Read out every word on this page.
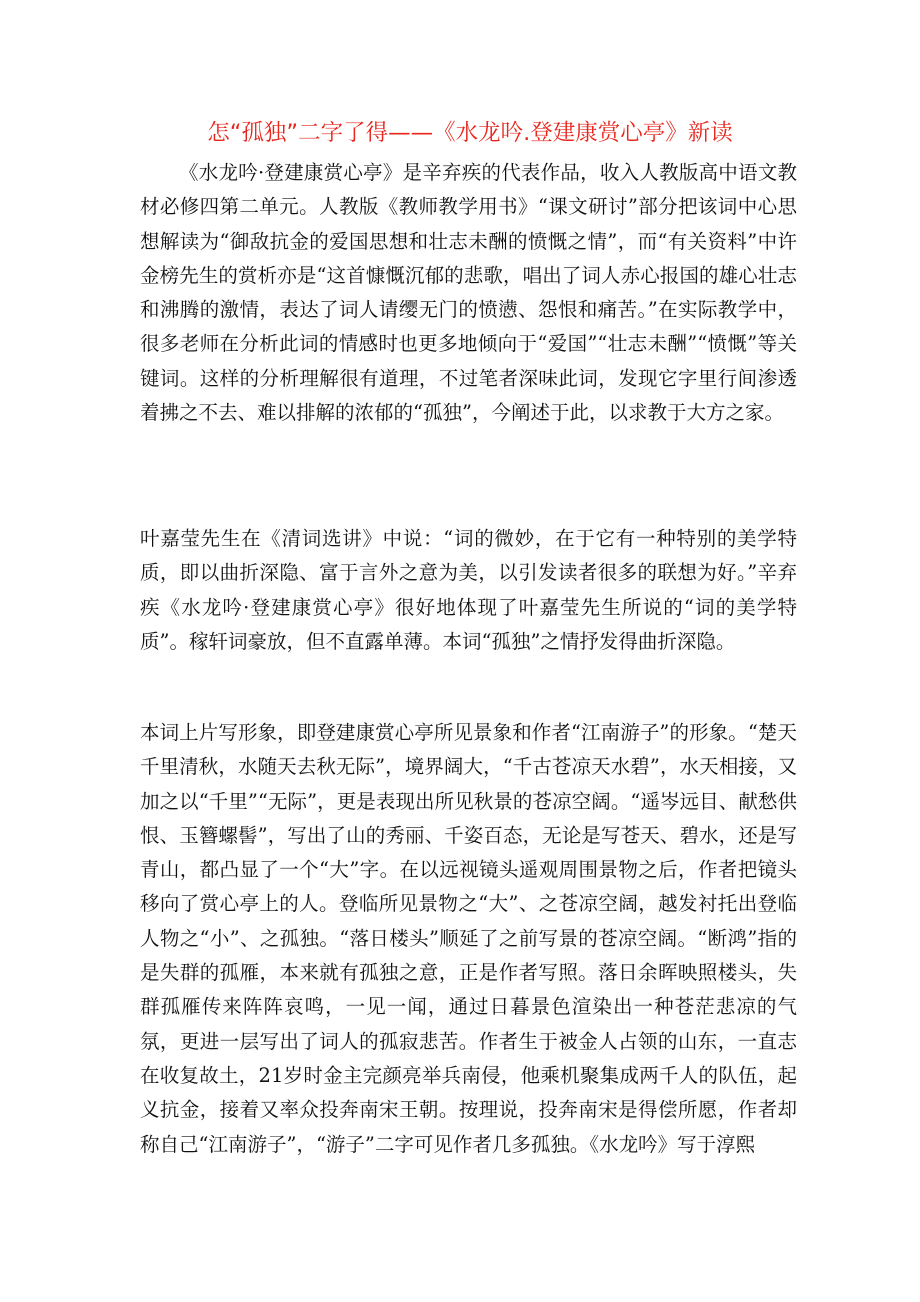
怎“孤独”二字了得——《水龙吟.登建康赏心亭》新读

《水龙吟·登建康赏心亭》是辛弃疾的代表作品，收入人教版高中语文教材必修四第二单元。人教版《教师教学用书》“课文研讨”部分把该词中心思想解读为“御敌抗金的爱国思想和壮志未酬的愤慨之情”，而“有关资料”中许金榜先生的赏析亦是“这首慷慨沉郁的悲歌，唱出了词人赤心报国的雄心壮志和沸腾的激情，表达了词人请缨无门的愤懑、怨恨和痛苦。”在实际教学中，很多老师在分析此词的情感时也更多地倾向于“爱国”“壮志未酬”“愤慨”等关键词。这样的分析理解很有道理，不过笔者深味此词，发现它字里行间渗透着拂之不去、难以排解的浓郁的“孤独”，今阐述于此，以求教于大方之家。

叶嘉莹先生在《清词选讲》中说：“词的微妙，在于它有一种特别的美学特质，即以曲折深隐、富于言外之意为美，以引发读者很多的联想为好。”辛弃疾《水龙吟·登建康赏心亭》很好地体现了叶嘉莹先生所说的“词的美学特质”。稼轩词豪放，但不直露单薄。本词“孤独”之情抒发得曲折深隐。

本词上片写形象，即登建康赏心亭所见景象和作者“江南游子”的形象。“楚天千里清秋，水随天去秋无际”，境界阔大，“千古苍凉天水碧”，水天相接，又加之以“千里”“无际”，更是表现出所见秋景的苍凉空阔。“遥岑远目、献愁供恨、玉簪螺髻”，写出了山的秀丽、千姿百态，无论是写苍天、碧水，还是写青山，都凸显了一个“大”字。在以远视镜头遥观周围景物之后，作者把镜头移向了赏心亭上的人。登临所见景物之“大”、之苍凉空阔，越发衬托出登临人物之“小”、之孤独。“落日楼头”顺延了之前写景的苍凉空阔。“断鸿”指的是失群的孤雁，本来就有孤独之意，正是作者写照。落日余晖映照楼头，失群孤雁传来阵阵哀鸣，一见一闻，通过日暮景色渲染出一种苍茫悲凉的气氛，更进一层写出了词人的孤寂悲苦。作者生于被金人占领的山东，一直志在收复故土，21岁时金主完颜亮举兵南侵，他乘机聚集成两千人的队伍，起义抗金，接着又率众投奔南宋王朝。按理说，投奔南宋是得偿所愿，作者却称自己“江南游子”，“游子”二字可见作者几多孤独。《水龙吟》写于淳熙
